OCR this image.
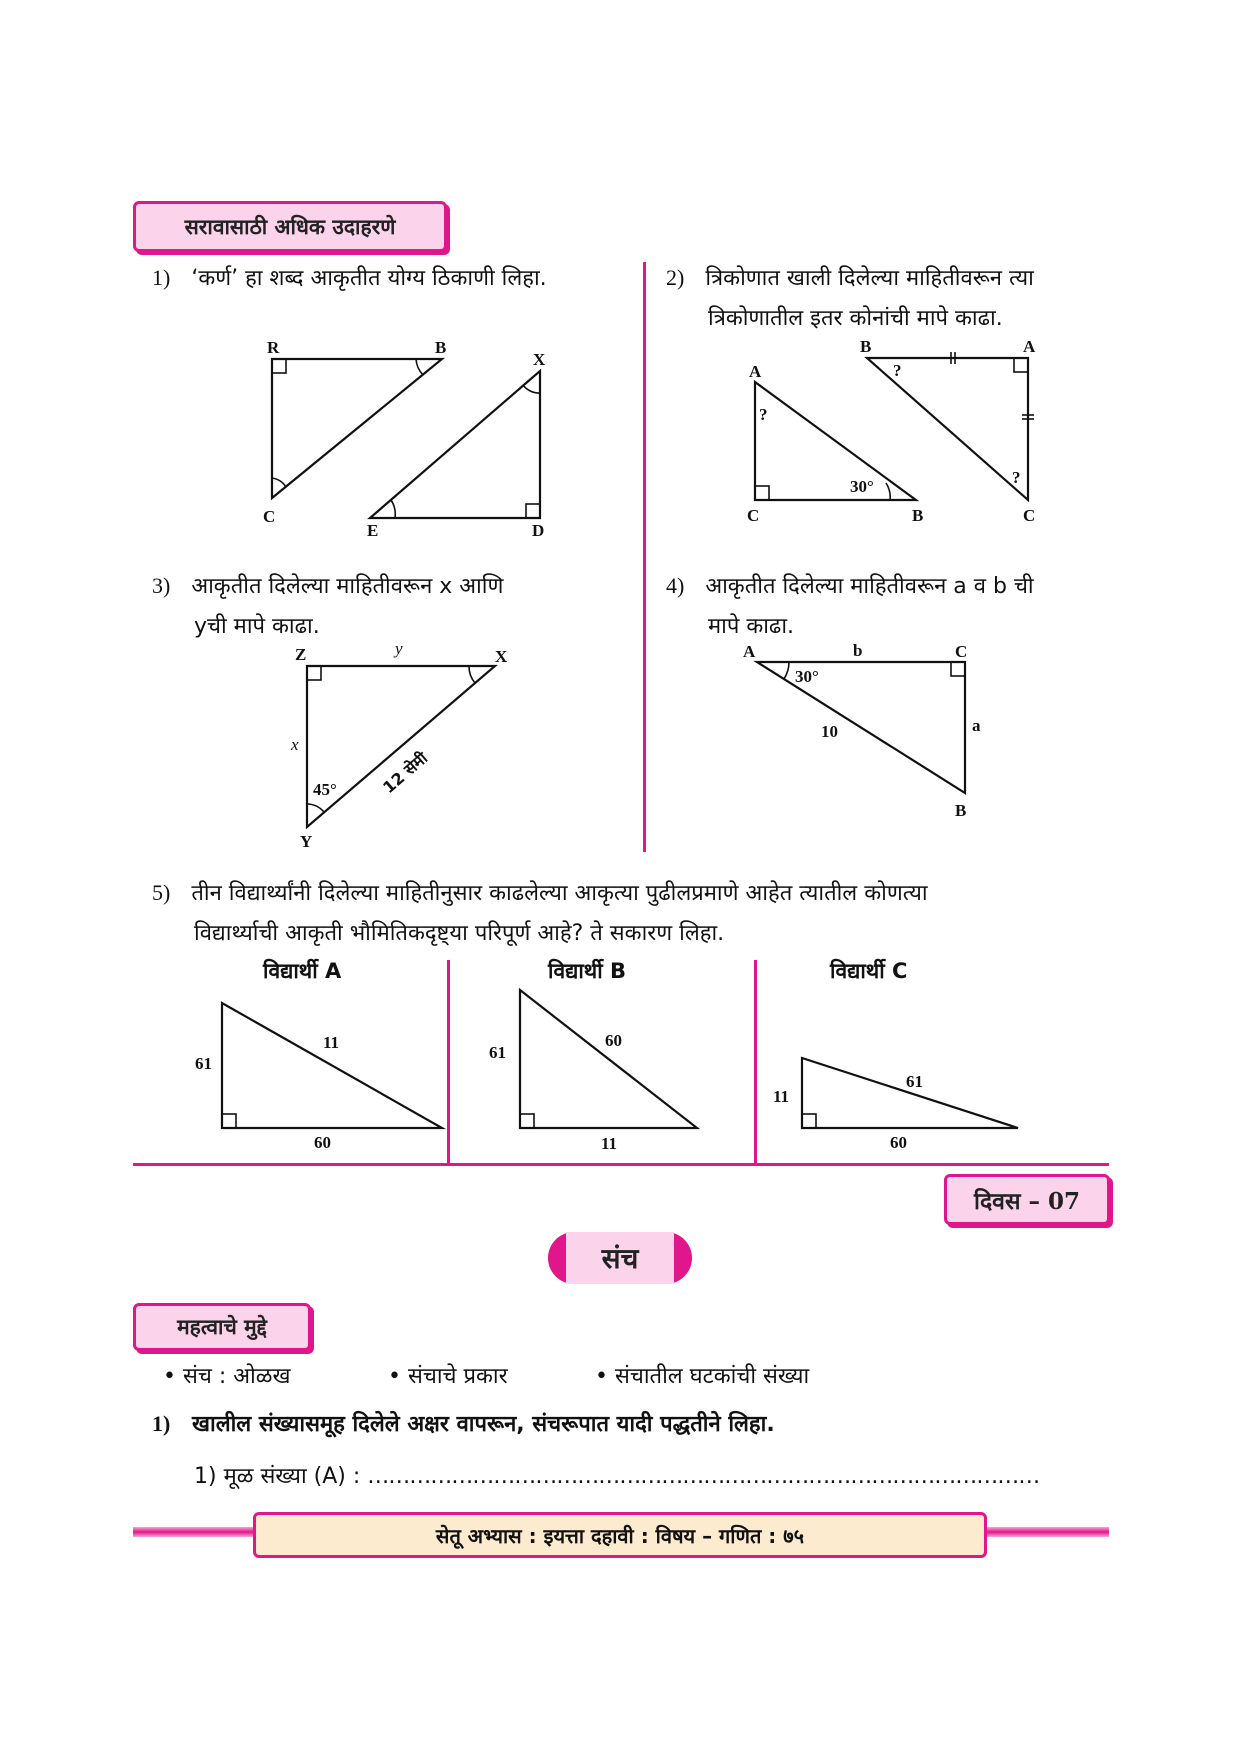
सरावासाठी अधिक उदाहरणे
1) ‘कर्ण’ हा शब्द आकृतीत योग्य ठिकाणी लिहा.	2) त्रिकोणात खाली दिलेल्या माहितीवरून त्या
त्रिकोणातील इतर कोनांची मापे काढा.
R	B
C
X
E	D
A
C	B
30°
?
B	A
C
?
?
3) आकृतीत दिलेल्या माहितीवरून x आणि
yची मापे काढा.
4) आकृतीत दिलेल्या माहितीवरून a व b ची
मापे काढा.
Z	X
Y
y
x
45°	12 सेमी
A	C
B
b
a
30°
10
5) तीन विद्यार्थ्यांनी दिलेल्या माहितीनुसार काढलेल्या आकृत्या पुढीलप्रमाणे आहेत त्यातील कोणत्या
विद्यार्थ्याची आकृती भौमितिकदृष्ट्या परिपूर्ण आहे? ते सकारण लिहा.
विद्यार्थी A	विद्यार्थी B	विद्यार्थी C
61
11
60
61
60
11
11
61
60
दिवस – 07
संच
महत्वाचे मुद्दे
• संच : ओळख	• संचाचे प्रकार	• संचातील घटकांची संख्या
1) खालील संख्यासमूह दिलेले अक्षर वापरून, संचरूपात यादी पद्धतीने लिहा.
1) मूळ संख्या (A) : ……………………………………………………………………………………
सेतू अभ्यास : इयत्ता दहावी : विषय – गणित : ७५
